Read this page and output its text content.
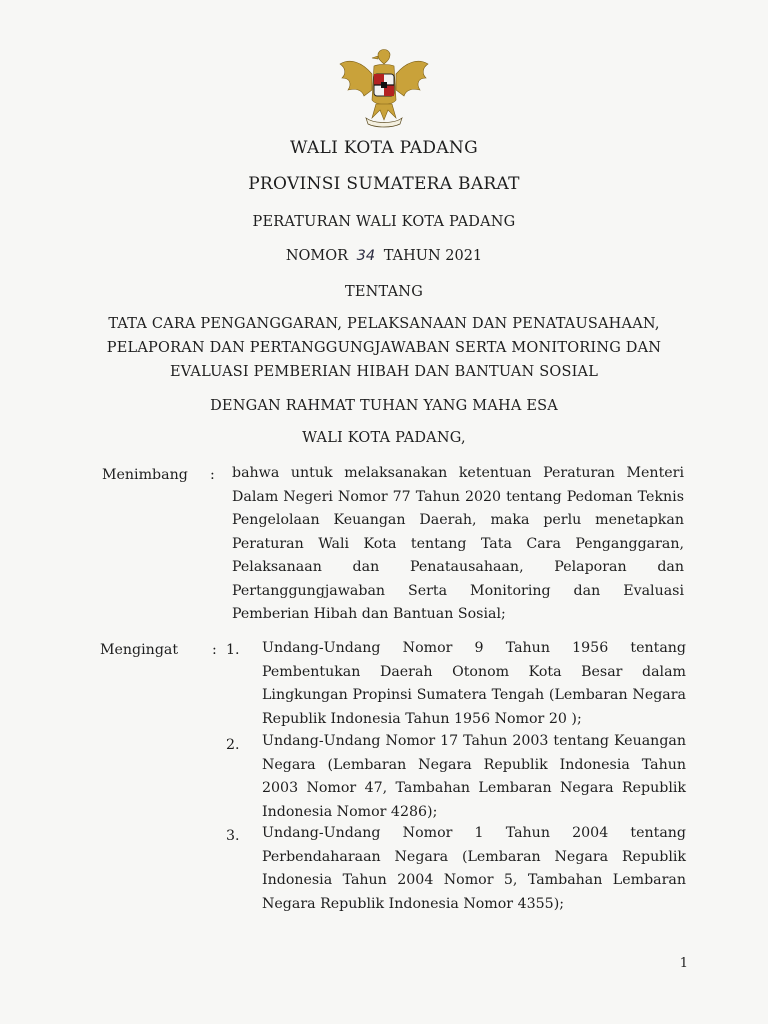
WALI KOTA PADANG
PROVINSI SUMATERA BARAT
PERATURAN WALI KOTA PADANG
NOMOR 34 TAHUN 2021
TENTANG
TATA CARA PENGANGGARAN, PELAKSANAAN DAN PENATAUSAHAAN,
PELAPORAN DAN PERTANGGUNGJAWABAN SERTA MONITORING DAN
EVALUASI PEMBERIAN HIBAH DAN BANTUAN SOSIAL
DENGAN RAHMAT TUHAN YANG MAHA ESA
WALI KOTA PADANG,
Menimbang : bahwa untuk melaksanakan ketentuan Peraturan Menteri Dalam Negeri Nomor 77 Tahun 2020 tentang Pedoman Teknis Pengelolaan Keuangan Daerah, maka perlu menetapkan Peraturan Wali Kota tentang Tata Cara Penganggaran, Pelaksanaan dan Penatausahaan, Pelaporan dan Pertanggungjawaban Serta Monitoring dan Evaluasi Pemberian Hibah dan Bantuan Sosial;
Mengingat : 1. Undang-Undang Nomor 9 Tahun 1956 tentang Pembentukan Daerah Otonom Kota Besar dalam Lingkungan Propinsi Sumatera Tengah (Lembaran Negara Republik Indonesia Tahun 1956 Nomor 20 );
2. Undang-Undang Nomor 17 Tahun 2003 tentang Keuangan Negara (Lembaran Negara Republik Indonesia Tahun 2003 Nomor 47, Tambahan Lembaran Negara Republik Indonesia Nomor 4286);
3. Undang-Undang Nomor 1 Tahun 2004 tentang Perbendaharaan Negara (Lembaran Negara Republik Indonesia Tahun 2004 Nomor 5, Tambahan Lembaran Negara Republik Indonesia Nomor 4355);
1
